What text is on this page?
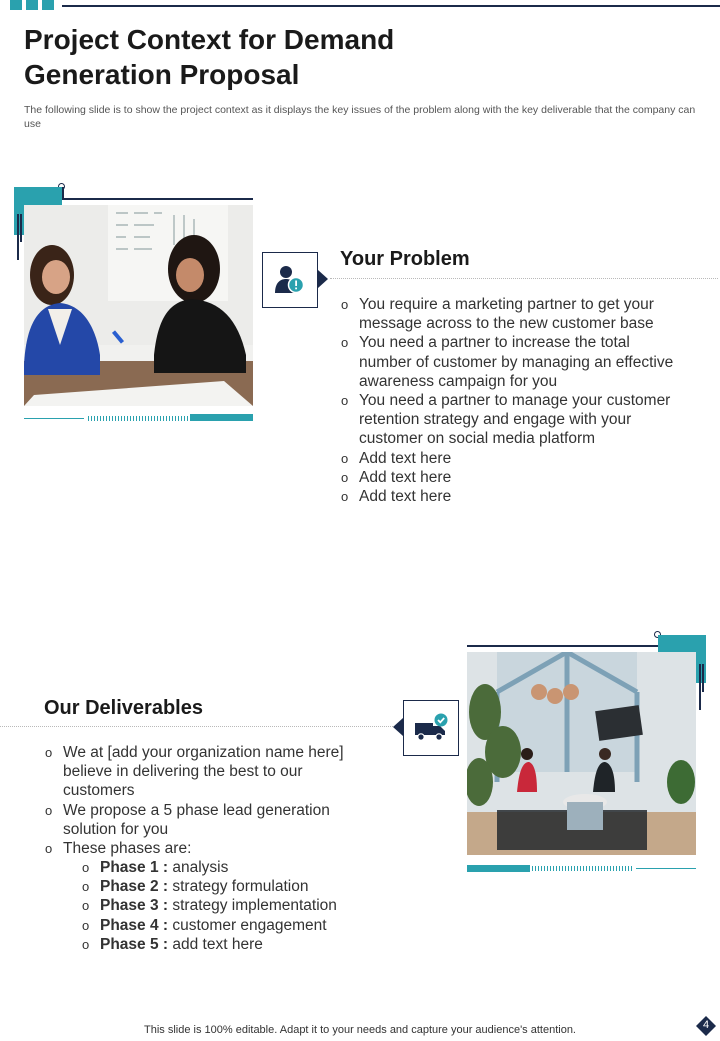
Project Context for Demand Generation Proposal
The following slide is to show the project context as it displays the key issues of the problem along with the key deliverable that the company can use
Your Problem
o You require a marketing partner to get your message across to the new customer base
o You need a partner to increase the total number of customer by managing an effective awareness campaign for you
o You need a partner to manage your customer retention strategy and engage with your customer on social media platform
o Add text here
o Add text here
o Add text here
Our Deliverables
o We at [add your organization name here] believe in delivering the best to our customers
o We propose a 5 phase lead generation solution for you
o These phases are:
o Phase 1 : analysis
o Phase 2 : strategy formulation
o Phase 3 : strategy implementation
o Phase 4 : customer engagement
o Phase 5 : add text here
This slide is 100% editable. Adapt it to your needs and capture your audience's attention.	4
